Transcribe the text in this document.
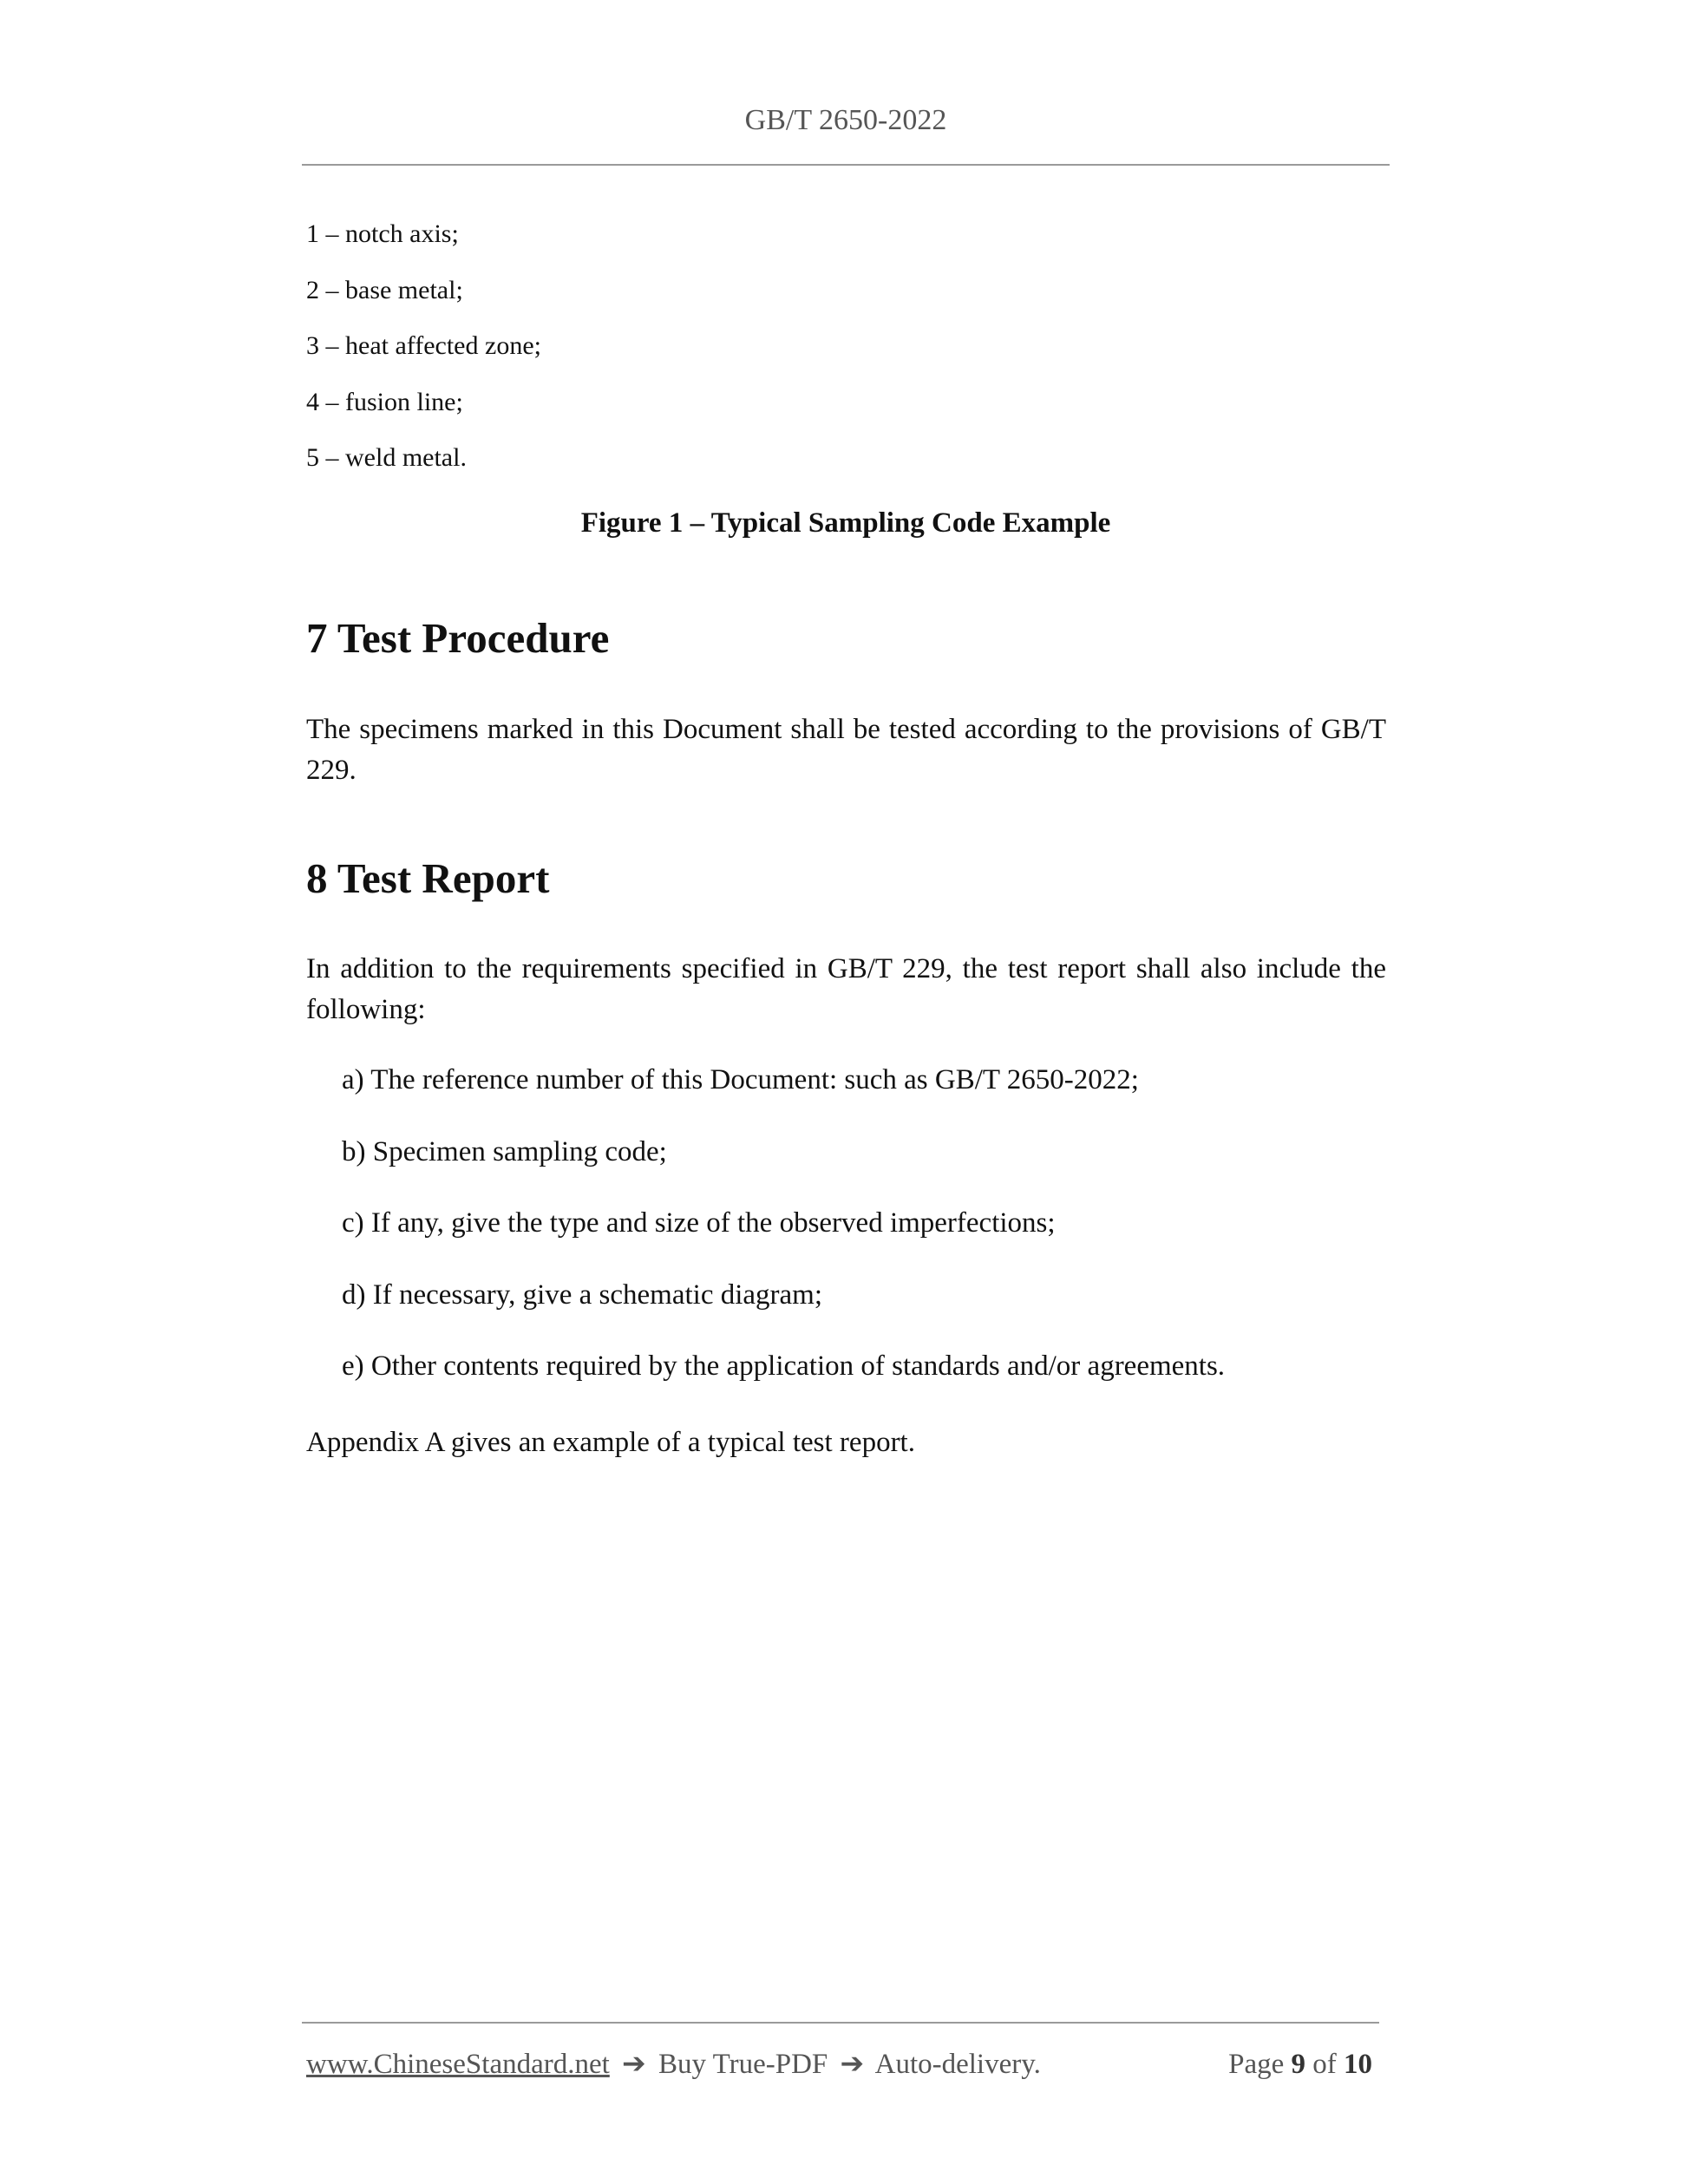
GB/T 2650-2022
1 – notch axis;
2 – base metal;
3 – heat affected zone;
4 – fusion line;
5 – weld metal.
Figure 1 – Typical Sampling Code Example
7 Test Procedure

The specimens marked in this Document shall be tested according to the provisions of GB/T 229.

8 Test Report

In addition to the requirements specified in GB/T 229, the test report shall also include the following:

a) The reference number of this Document: such as GB/T 2650-2022;
b) Specimen sampling code;
c) If any, give the type and size of the observed imperfections;
d) If necessary, give a schematic diagram;
e) Other contents required by the application of standards and/or agreements.

Appendix A gives an example of a typical test report.

www.ChineseStandard.net ➔ Buy True-PDF ➔ Auto-delivery.	Page 9 of 10
